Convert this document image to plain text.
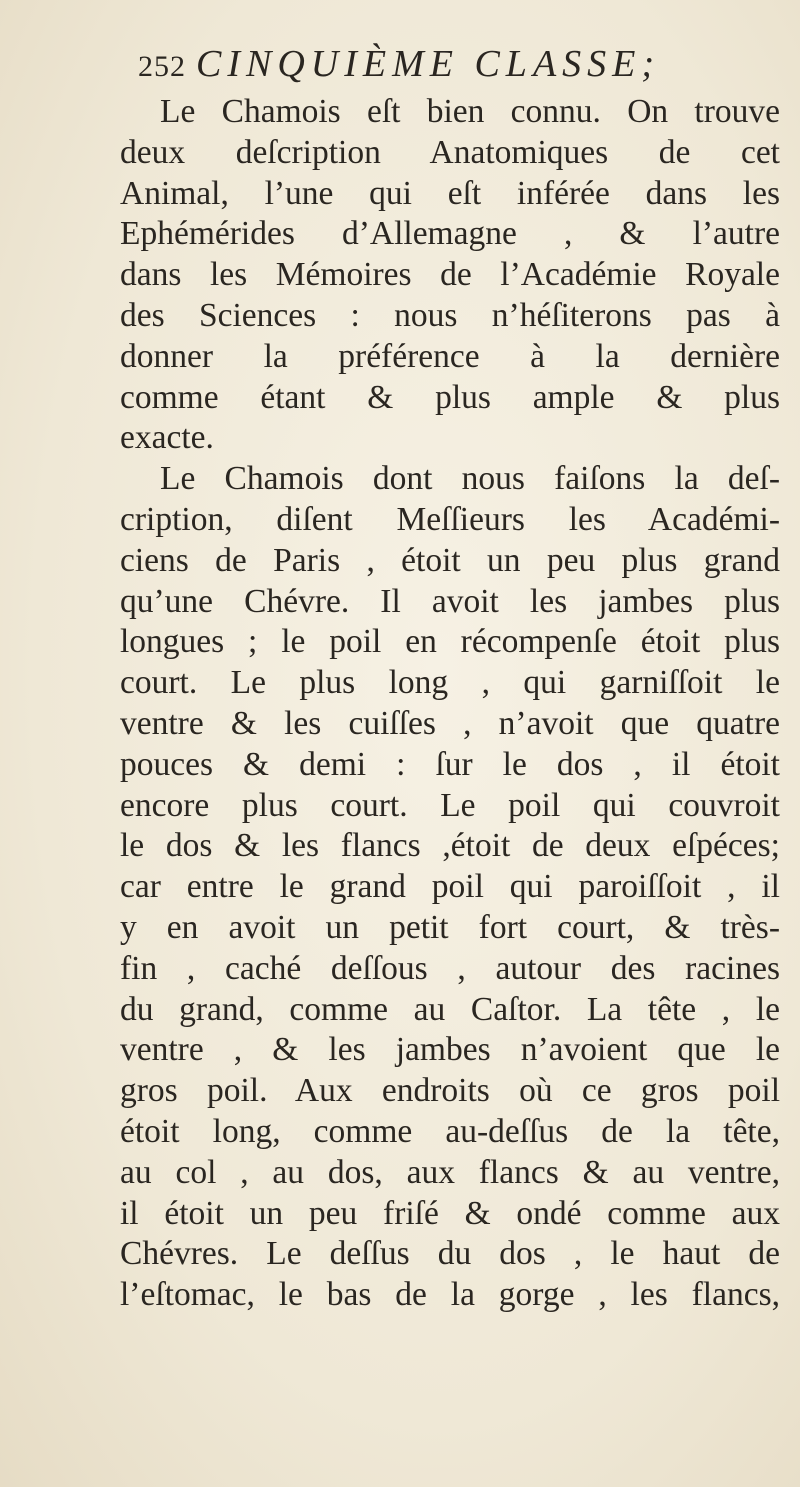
252 CINQUIÈME CLASSE;
Le Chamois eſt bien connu. On trouve
deux deſcription Anatomiques de cet
Animal, l’une qui eſt inférée dans les
Ephémérides d’Allemagne , & l’autre
dans les Mémoires de l’Académie Royale
des Sciences : nous n’héſiterons pas à
donner la préférence à la dernière
comme étant & plus ample & plus
exacte.
Le Chamois dont nous faiſons la deſ-
cription, diſent Meſſieurs les Académi-
ciens de Paris , étoit un peu plus grand
qu’une Chévre. Il avoit les jambes plus
longues ; le poil en récompenſe étoit plus
court. Le plus long , qui garniſſoit le
ventre & les cuiſſes , n’avoit que quatre
pouces & demi : ſur le dos , il étoit
encore plus court. Le poil qui couvroit
le dos & les flancs ,étoit de deux eſpéces;
car entre le grand poil qui paroiſſoit , il
y en avoit un petit fort court, & très-
fin , caché deſſous , autour des racines
du grand, comme au Caſtor. La tête , le
ventre , & les jambes n’avoient que le
gros poil. Aux endroits où ce gros poil
étoit long, comme au-deſſus de la tête,
au col , au dos, aux flancs & au ventre,
il étoit un peu friſé & ondé comme aux
Chévres. Le deſſus du dos , le haut de
l’eſtomac, le bas de la gorge , les flancs,
